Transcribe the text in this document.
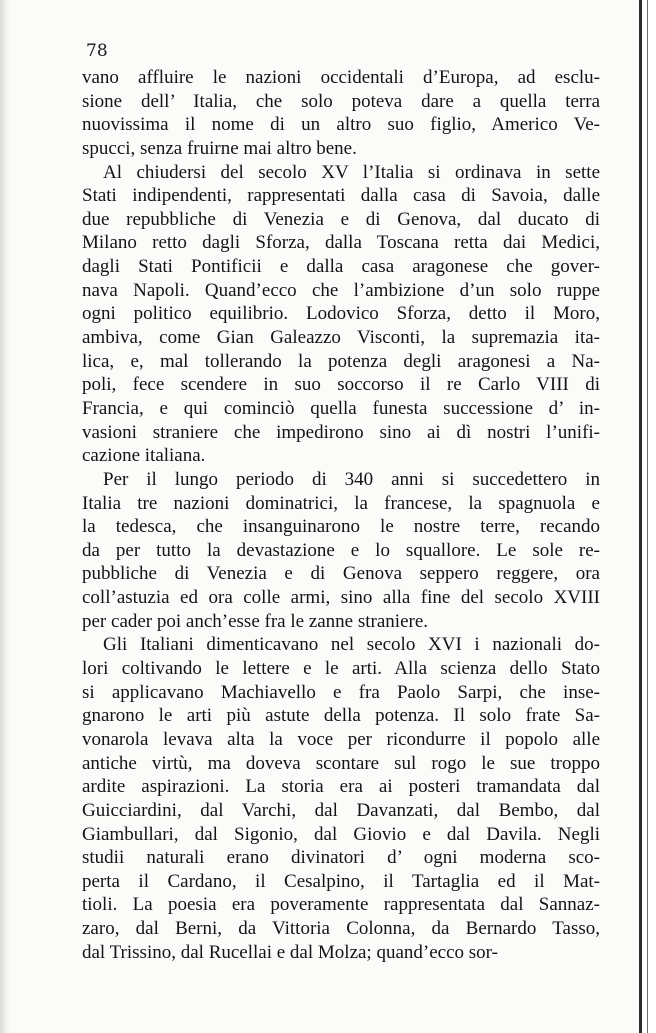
78

vano affluire le nazioni occidentali d’Europa, ad esclu-
sione dell’ Italia, che solo poteva dare a quella terra
nuovissima il nome di un altro suo figlio, Americo Ve-
spucci, senza fruirne mai altro bene.

Al chiudersi del secolo XV l’Italia si ordinava in sette
Stati indipendenti, rappresentati dalla casa di Savoia, dalle
due repubbliche di Venezia e di Genova, dal ducato di
Milano retto dagli Sforza, dalla Toscana retta dai Medici,
dagli Stati Pontificii e dalla casa aragonese che gover-
nava Napoli. Quand’ecco che l’ambizione d’un solo ruppe
ogni politico equilibrio. Lodovico Sforza, detto il Moro,
ambiva, come Gian Galeazzo Visconti, la supremazia ita-
lica, e, mal tollerando la potenza degli aragonesi a Na-
poli, fece scendere in suo soccorso il re Carlo VIII di
Francia, e qui cominciò quella funesta successione d’ in-
vasioni straniere che impedirono sino ai dì nostri l’unifi-
cazione italiana.

Per il lungo periodo di 340 anni si succedettero in
Italia tre nazioni dominatrici, la francese, la spagnuola e
la tedesca, che insanguinarono le nostre terre, recando
da per tutto la devastazione e lo squallore. Le sole re-
pubbliche di Venezia e di Genova seppero reggere, ora
coll’astuzia ed ora colle armi, sino alla fine del secolo XVIII
per cader poi anch’esse fra le zanne straniere.

Gli Italiani dimenticavano nel secolo XVI i nazionali do-
lori coltivando le lettere e le arti. Alla scienza dello Stato
si applicavano Machiavello e fra Paolo Sarpi, che inse-
gnarono le arti più astute della potenza. Il solo frate Sa-
vonarola levava alta la voce per ricondurre il popolo alle
antiche virtù, ma doveva scontare sul rogo le sue troppo
ardite aspirazioni. La storia era ai posteri tramandata dal
Guicciardini, dal Varchi, dal Davanzati, dal Bembo, dal
Giambullari, dal Sigonio, dal Giovio e dal Davila. Negli
studii naturali erano divinatori d’ ogni moderna sco-
perta il Cardano, il Cesalpino, il Tartaglia ed il Mat-
tioli. La poesia era poveramente rappresentata dal Sannaz-
zaro, dal Berni, da Vittoria Colonna, da Bernardo Tasso,
dal Trissino, dal Rucellai e dal Molza; quand’ecco sor-
